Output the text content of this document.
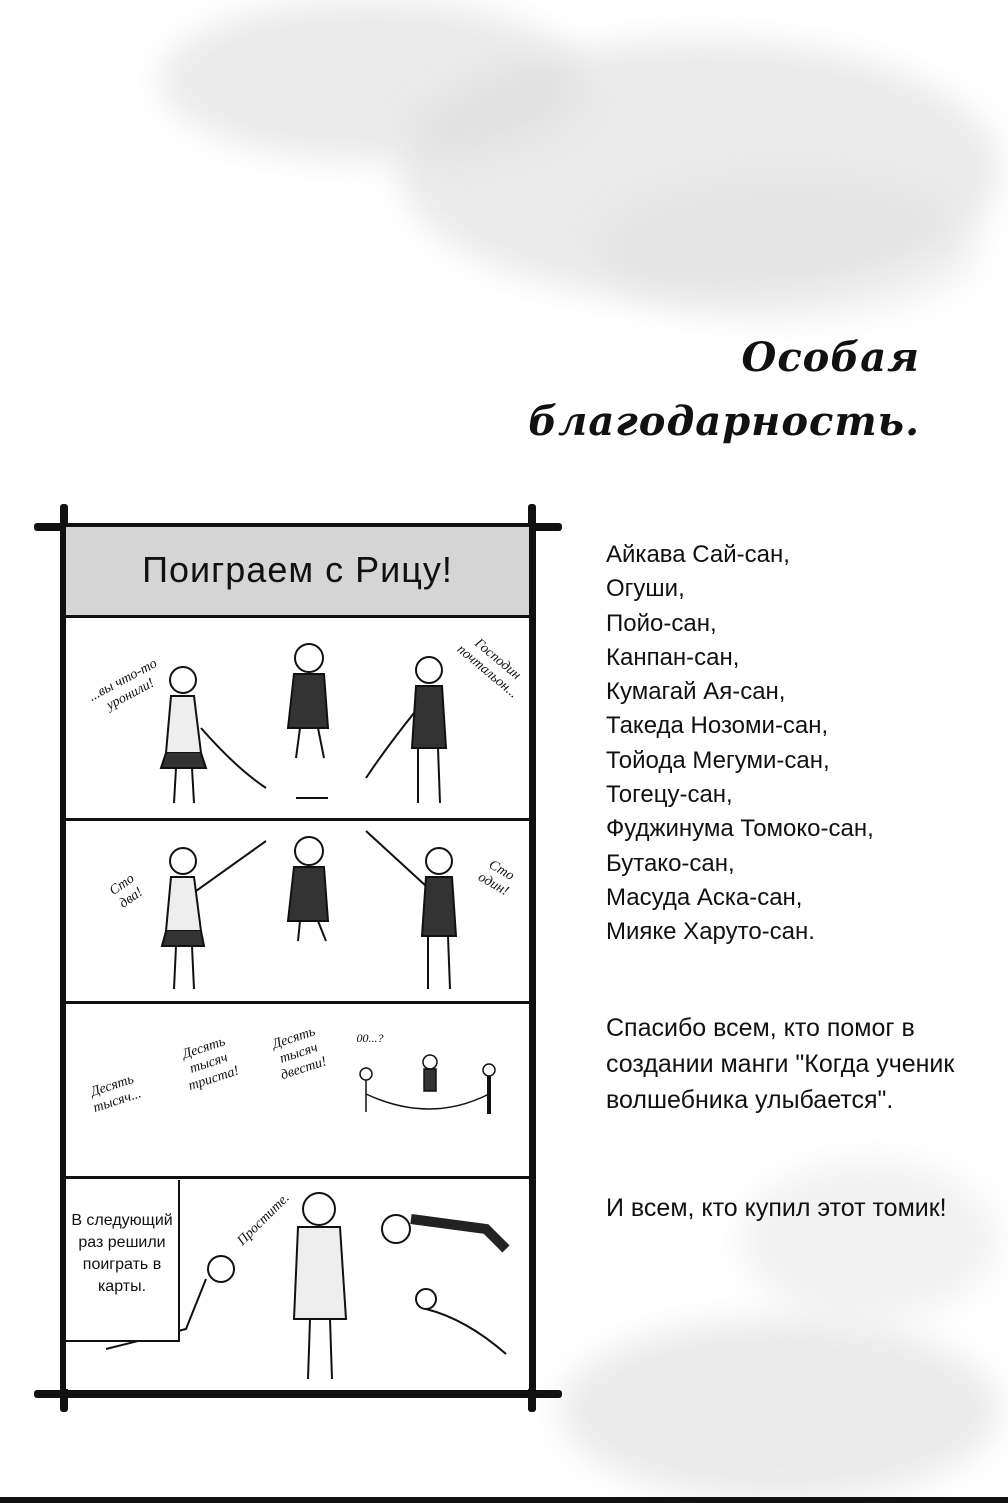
Особая
благодарность.
Айкава Сай-сан,
Огуши,
Пойо-сан,
Канпан-сан,
Кумагай Ая-сан,
Такеда Нозоми-сан,
Тойода Мегуми-сан,
Тогецу-сан,
Фуджинума Томоко-сан,
Бутако-сан,
Масуда Аска-сан,
Мияке Харуто-сан.
Спасибо всем, кто помог в создании манги "Когда ученик волшебника улыбается".
И всем, кто купил этот томик!
Поиграем с Рицу!
...вы что-то уронили!
Господин почтальон...
Сто два!
Сто один!
Десять тысяч...
Десять тысяч триста!
Десять тысяч двести!
00...?
В следующий раз решили поиграть в карты.
Простите.
